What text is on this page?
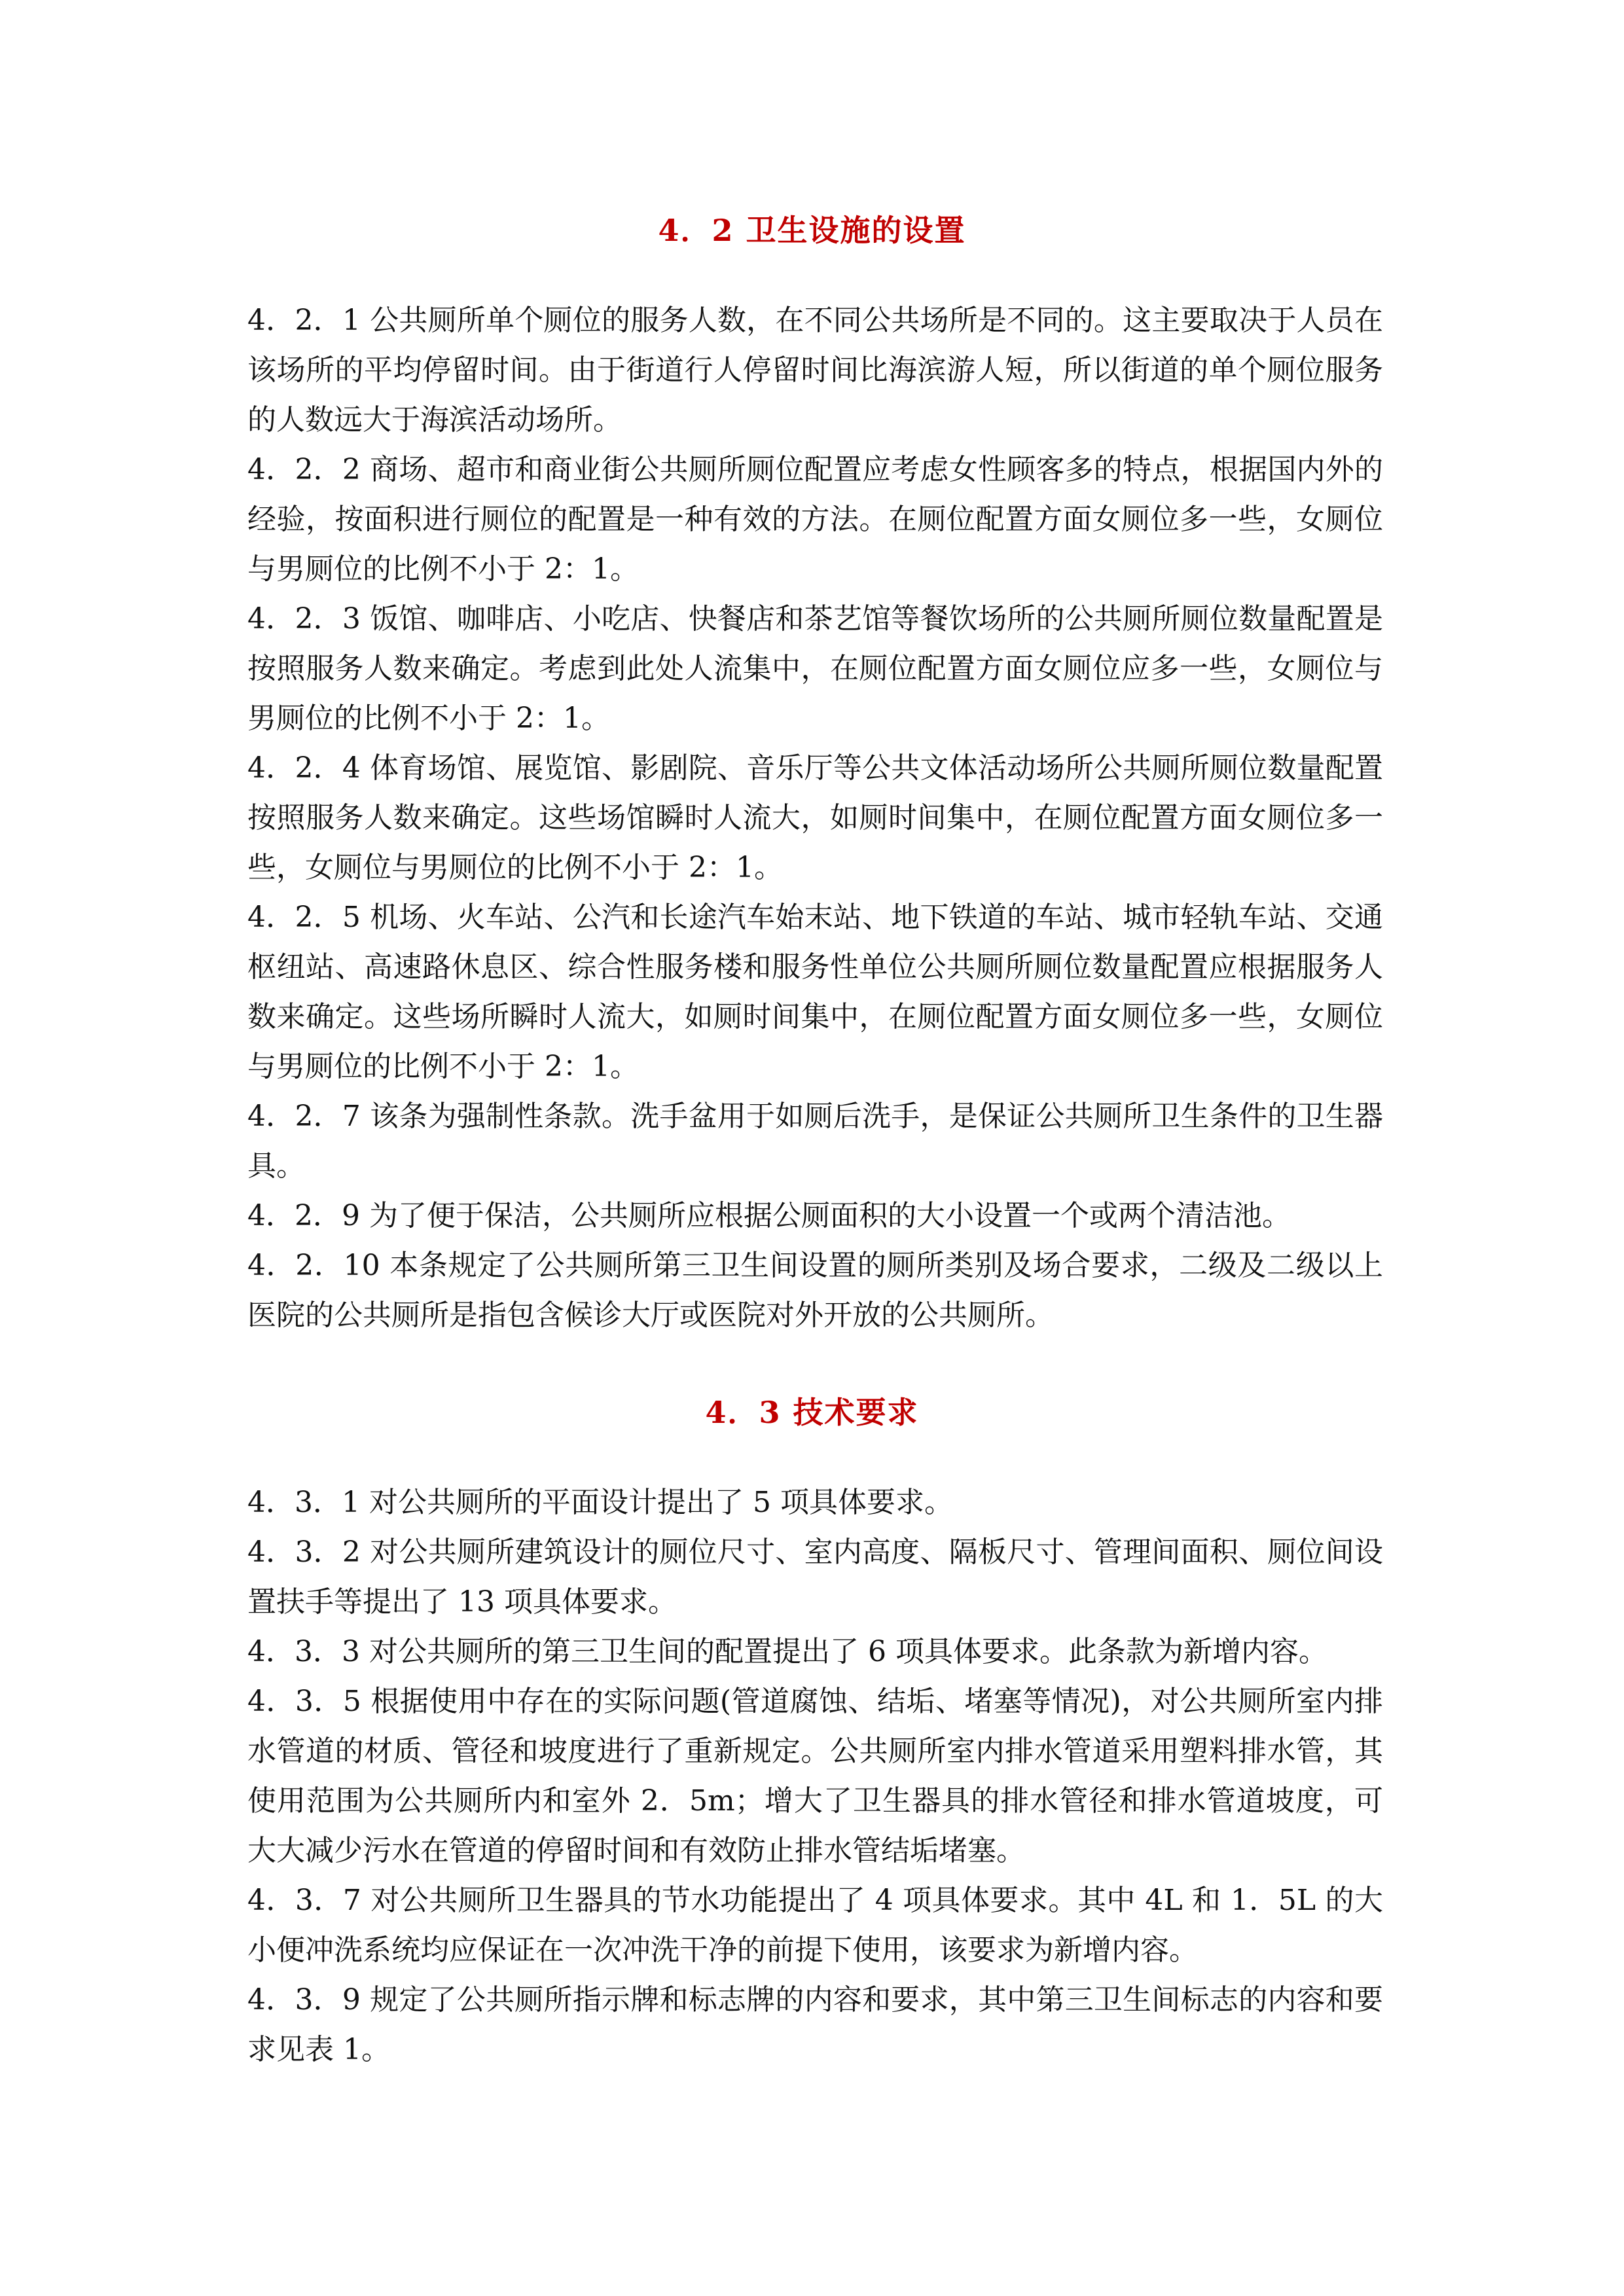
4．2 卫生设施的设置

4．2．1 公共厕所单个厕位的服务人数，在不同公共场所是不同的。这主要取决于人员在该场所的平均停留时间。由于街道行人停留时间比海滨游人短，所以街道的单个厕位服务的人数远大于海滨活动场所。

4．2．2 商场、超市和商业街公共厕所厕位配置应考虑女性顾客多的特点，根据国内外的经验，按面积进行厕位的配置是一种有效的方法。在厕位配置方面女厕位多一些，女厕位与男厕位的比例不小于 2：1。

4．2．3 饭馆、咖啡店、小吃店、快餐店和茶艺馆等餐饮场所的公共厕所厕位数量配置是按照服务人数来确定。考虑到此处人流集中，在厕位配置方面女厕位应多一些，女厕位与男厕位的比例不小于 2：1。

4．2．4 体育场馆、展览馆、影剧院、音乐厅等公共文体活动场所公共厕所厕位数量配置按照服务人数来确定。这些场馆瞬时人流大，如厕时间集中，在厕位配置方面女厕位多一些，女厕位与男厕位的比例不小于 2：1。

4．2．5 机场、火车站、公汽和长途汽车始末站、地下铁道的车站、城市轻轨车站、交通枢纽站、高速路休息区、综合性服务楼和服务性单位公共厕所厕位数量配置应根据服务人数来确定。这些场所瞬时人流大，如厕时间集中，在厕位配置方面女厕位多一些，女厕位与男厕位的比例不小于 2：1。

4．2．7 该条为强制性条款。洗手盆用于如厕后洗手，是保证公共厕所卫生条件的卫生器具。

4．2．9 为了便于保洁，公共厕所应根据公厕面积的大小设置一个或两个清洁池。

4．2．10 本条规定了公共厕所第三卫生间设置的厕所类别及场合要求，二级及二级以上医院的公共厕所是指包含候诊大厅或医院对外开放的公共厕所。

4．3 技术要求

4．3．1 对公共厕所的平面设计提出了 5 项具体要求。

4．3．2 对公共厕所建筑设计的厕位尺寸、室内高度、隔板尺寸、管理间面积、厕位间设置扶手等提出了 13 项具体要求。

4．3．3 对公共厕所的第三卫生间的配置提出了 6 项具体要求。此条款为新增内容。

4．3．5 根据使用中存在的实际问题(管道腐蚀、结垢、堵塞等情况)，对公共厕所室内排水管道的材质、管径和坡度进行了重新规定。公共厕所室内排水管道采用塑料排水管，其使用范围为公共厕所内和室外 2．5m；增大了卫生器具的排水管径和排水管道坡度，可大大减少污水在管道的停留时间和有效防止排水管结垢堵塞。

4．3．7 对公共厕所卫生器具的节水功能提出了 4 项具体要求。其中 4L 和 1．5L 的大小便冲洗系统均应保证在一次冲洗干净的前提下使用，该要求为新增内容。

4．3．9 规定了公共厕所指示牌和标志牌的内容和要求，其中第三卫生间标志的内容和要求见表 1。
